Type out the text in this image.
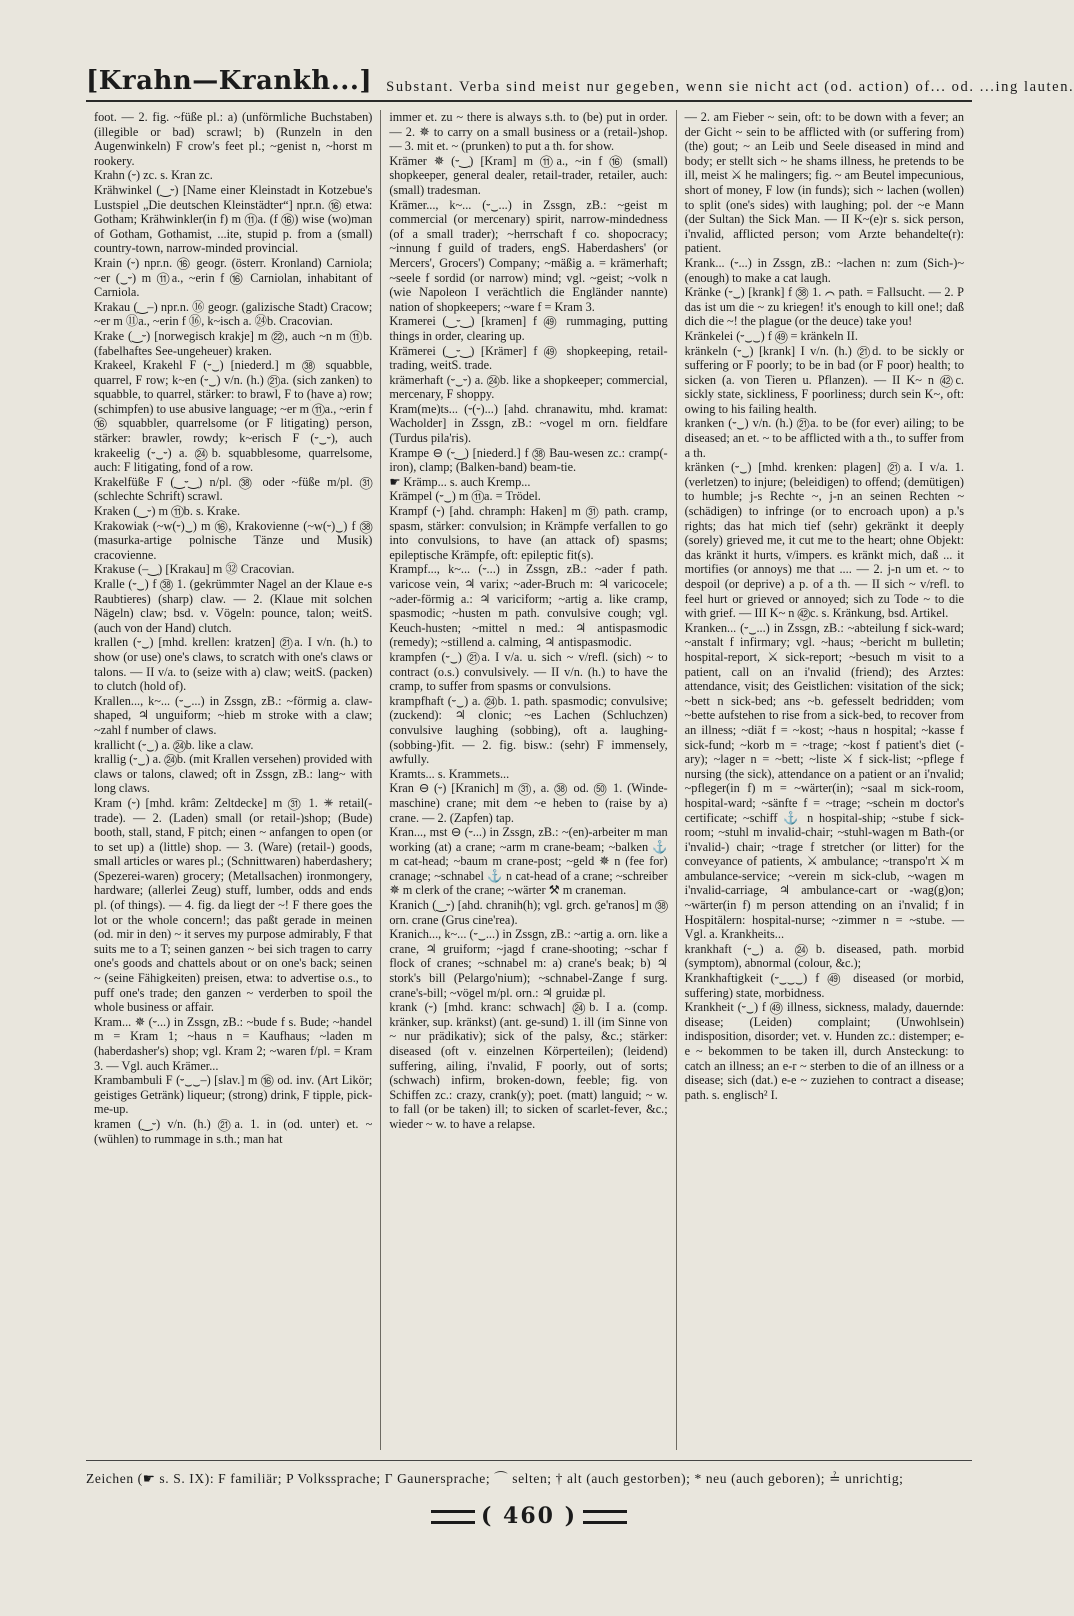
[Krahn—Krankh...] Substant. Verba sind meist nur gegeben, wenn sie nicht act (od. action) of... od. ...ing lauten.

foot. — 2. fig. ~füße pl.: a) (unförmliche Buchstaben) (illegible or bad) scrawl; b) (Runzeln in den Augenwinkeln) F crow's feet pl.; ~genist n, ~horst m rookery.

Krahn (⏑) zc. s. Kran zc.

Krähwinkel (‿⏑) [Name einer Kleinstadt in Kotzebue's Lustspiel „Die deutschen Kleinstädter“] npr.n. ⑯ etwa: Gotham; Krähwinkler(in f) m ⑪a. (f ⑯) wise (wo)man of Gotham, Gothamist, ...ite, stupid p. from a (small) country-town, narrow-minded provincial.

Krain (⏑) npr.n. ⑯ geogr. (österr. Kronland) Carniola; ~er (‿⏑) m ⑪a., ~erin f ⑯ Carniolan, inhabitant of Carniola.

Krakau (‿–) npr.n. ⑯ geogr. (galizische Stadt) Cracow; ~er m ⑪a., ~erin f ⑯, k~isch a. ㉔b. Cracovian.

Krake (‿⏑) [norwegisch krakje] m ㉒, auch ~n m ⑪b. (fabelhaftes See-ungeheuer) kraken.

Krakeel, Krakehl F (⏑‿) [niederd.] m ㊳ squabble, quarrel, F row; k~en (⏑‿) v/n. (h.) ㉑a. (sich zanken) to squabble, to quarrel, stärker: to brawl, F to (have a) row; (schimpfen) to use abusive language; ~er m ⑪a., ~erin f ⑯ squabbler, quarrelsome (or F litigating) person, stärker: brawler, rowdy; k~erisch F (⏑‿⏑), auch krakeelig (⏑‿⏑) a. ㉔b. squabblesome, quarrelsome, auch: F litigating, fond of a row.

Krakelfüße F (‿⏑‿) n/pl. ㊳ oder ~füße m/pl. ㉛ (schlechte Schrift) scrawl.

Kraken (‿⏑) m ⑪b. s. Krake.

Krakowiak (~w(⏑)‿) m ⑯, Krakovienne (~w(⏑)‿) f ㊳ (masurka-artige polnische Tänze und Musik) cracovienne.

Krakuse (–‿) [Krakau] m ㉜ Cracovian.

Kralle (⏑‿) f ㊳ 1. (gekrümmter Nagel an der Klaue e-s Raubtieres) (sharp) claw. — 2. (Klaue mit solchen Nägeln) claw; bsd. v. Vögeln: pounce, talon; weitS. (auch von der Hand) clutch.

krallen (⏑‿) [mhd. krellen: kratzen] ㉑a. I v/n. (h.) to show (or use) one's claws, to scratch with one's claws or talons. — II v/a. to (seize with a) claw; weitS. (packen) to clutch (hold of).

Krallen..., k~... (⏑‿...) in Zssgn, zB.: ~förmig a. claw-shaped, ♃ unguiform; ~hieb m stroke with a claw; ~zahl f number of claws.

krallicht (⏑‿) a. ㉔b. like a claw.

krallig (⏑‿) a. ㉔b. (mit Krallen versehen) provided with claws or talons, clawed; oft in Zssgn, zB.: lang~ with long claws.

Kram (⏑) [mhd. krâm: Zeltdecke] m ㉛ 1. ✵ retail(-trade). — 2. (Laden) small (or retail-)shop; (Bude) booth, stall, stand, F pitch; einen ~ anfangen to open (or to set up) a (little) shop. — 3. (Ware) (retail-) goods, small articles or wares pl.; (Schnittwaren) haberdashery; (Spezerei-waren) grocery; (Metallsachen) ironmongery, hardware; (allerlei Zeug) stuff, lumber, odds and ends pl. (of things). — 4. fig. da liegt der ~! F there goes the lot or the whole concern!; das paßt gerade in meinen (od. mir in den) ~ it serves my purpose admirably, F that suits me to a T; seinen ganzen ~ bei sich tragen to carry one's goods and chattels about or on one's back; seinen ~ (seine Fähigkeiten) preisen, etwa: to advertise o.s., to puff one's trade; den ganzen ~ verderben to spoil the whole business or affair.

Kram... ✵ (⏑...) in Zssgn, zB.: ~bude f s. Bude; ~handel m = Kram 1; ~haus n = Kaufhaus; ~laden m (haberdasher's) shop; vgl. Kram 2; ~waren f/pl. = Kram 3. — Vgl. auch Krämer...

Krambambuli F (⏑‿‿–) [slav.] m ⑯ od. inv. (Art Likör; geistiges Getränk) liqueur; (strong) drink, F tipple, pick-me-up.

kramen (‿⏑) v/n. (h.) ㉑a. 1. in (od. unter) et. ~ (wühlen) to rummage in s.th.; man hat

immer et. zu ~ there is always s.th. to (be) put in order. — 2. ✵ to carry on a small business or a (retail-)shop. — 3. mit et. ~ (prunken) to put a th. for show.

Krämer ✵ (⏑‿) [Kram] m ⑪a., ~in f ⑯ (small) shopkeeper, general dealer, retail-trader, retailer, auch: (small) tradesman.

Krämer..., k~... (⏑‿...) in Zssgn, zB.: ~geist m commercial (or mercenary) spirit, narrow-mindedness (of a small trader); ~herrschaft f co. shopocracy; ~innung f guild of traders, engS. Haberdashers' (or Mercers', Grocers') Company; ~mäßig a. = krämerhaft; ~seele f sordid (or narrow) mind; vgl. ~geist; ~volk n (wie Napoleon I verächtlich die Engländer nannte) nation of shopkeepers; ~ware f = Kram 3.

Kramerei (‿⏑‿) [kramen] f ㊾ rummaging, putting things in order, clearing up.

Krämerei (‿⏑‿) [Krämer] f ㊾ shopkeeping, retail-trading, weitS. trade.

krämerhaft (⏑‿⏑) a. ㉔b. like a shopkeeper; commercial, mercenary, F shoppy.

Kram(me)ts... (⏑(⏑)...) [ahd. chranawitu, mhd. kramat: Wacholder] in Zssgn, zB.: ~vogel m orn. fieldfare (Turdus pila'ris).

Krampe ⊖ (⏑‿) [niederd.] f ㊳ Bau-wesen zc.: cramp(-iron), clamp; (Balken-band) beam-tie.

☛ Krämp... s. auch Kremp...

Krämpel (⏑‿) m ⑪a. = Trödel.

Krampf (⏑) [ahd. chramph: Haken] m ㉛ path. cramp, spasm, stärker: convulsion; in Krämpfe verfallen to go into convulsions, to have (an attack of) spasms; epileptische Krämpfe, oft: epileptic fit(s).

Krampf..., k~... (⏑...) in Zssgn, zB.: ~ader f path. varicose vein, ♃ varix; ~ader-Bruch m: ♃ varicocele; ~ader-förmig a.: ♃ variciform; ~artig a. like cramp, spasmodic; ~husten m path. convulsive cough; vgl. Keuch-husten; ~mittel n med.: ♃ antispasmodic (remedy); ~stillend a. calming, ♃ antispasmodic.

krampfen (⏑‿) ㉑a. I v/a. u. sich ~ v/refl. (sich) ~ to contract (o.s.) convulsively. — II v/n. (h.) to have the cramp, to suffer from spasms or convulsions.

krampfhaft (⏑‿) a. ㉔b. 1. path. spasmodic; convulsive; (zuckend): ♃ clonic; ~es Lachen (Schluchzen) convulsive laughing (sobbing), oft a. laughing- (sobbing-)fit. — 2. fig. bisw.: (sehr) F immensely, awfully.

Kramts... s. Krammets...

Kran ⊖ (⏑) [Kranich] m ㉛, a. ㊳ od. ㊿ 1. (Winde-maschine) crane; mit dem ~e heben to (raise by a) crane. — 2. (Zapfen) tap.

Kran..., mst ⊖ (⏑...) in Zssgn, zB.: ~(en)-arbeiter m man working (at) a crane; ~arm m crane-beam; ~balken ⚓ m cat-head; ~baum m crane-post; ~geld ✵ n (fee for) cranage; ~schnabel ⚓ n cat-head of a crane; ~schreiber ✵ m clerk of the crane; ~wärter ⚒ m craneman.

Kranich (‿⏑) [ahd. chranih(h); vgl. grch. ge'ranos] m ㊳ orn. crane (Grus cine'rea).

Kranich..., k~... (⏑‿...) in Zssgn, zB.: ~artig a. orn. like a crane, ♃ gruiform; ~jagd f crane-shooting; ~schar f flock of cranes; ~schnabel m: a) crane's beak; b) ♃ stork's bill (Pelargo'nium); ~schnabel-Zange f surg. crane's-bill; ~vögel m/pl. orn.: ♃ gruidæ pl.

krank (⏑) [mhd. kranc: schwach] ㉔b. I a. (comp. kränker, sup. kränkst) (ant. ge-sund) 1. ill (im Sinne von ~ nur prädikativ); sick of the palsy, &c.; stärker: diseased (oft v. einzelnen Körperteilen); (leidend) suffering, ailing, i'nvalid, F poorly, out of sorts; (schwach) infirm, broken-down, feeble; fig. von Schiffen zc.: crazy, crank(y); poet. (matt) languid; ~ w. to fall (or be taken) ill; to sicken of scarlet-fever, &c.; wieder ~ w. to have a relapse.

— 2. am Fieber ~ sein, oft: to be down with a fever; an der Gicht ~ sein to be afflicted with (or suffering from)(the) gout; ~ an Leib und Seele diseased in mind and body; er stellt sich ~ he shams illness, he pretends to be ill, meist ⚔ he malingers; fig. ~ am Beutel impecunious, short of money, F low (in funds); sich ~ lachen (wollen) to split (one's sides) with laughing; pol. der ~e Mann (der Sultan) the Sick Man. — II K~(e)r s. sick person, i'nvalid, afflicted person; vom Arzte behandelte(r): patient.

Krank... (⏑...) in Zssgn, zB.: ~lachen n: zum (Sich-)~ (enough) to make a cat laugh.

Kränke (⏑‿) [krank] f ㊳ 1. ⌒ path. = Fallsucht. — 2. P das ist um die ~ zu kriegen! it's enough to kill one!; daß dich die ~! the plague (or the deuce) take you!

Kränkelei (⏑‿‿) f ㊾ = kränkeln II.

kränkeln (⏑‿) [krank] I v/n. (h.) ㉑d. to be sickly or suffering or F poorly; to be in bad (or F poor) health; to sicken (a. von Tieren u. Pflanzen). — II K~ n ㊷c. sickly state, sickliness, F poorliness; durch sein K~, oft: owing to his failing health.

kranken (⏑‿) v/n. (h.) ㉑a. to be (for ever) ailing; to be diseased; an et. ~ to be afflicted with a th., to suffer from a th.

kränken (⏑‿) [mhd. krenken: plagen] ㉑a. I v/a. 1. (verletzen) to injure; (beleidigen) to offend; (demütigen) to humble; j-s Rechte ~, j-n an seinen Rechten ~ (schädigen) to infringe (or to encroach upon) a p.'s rights; das hat mich tief (sehr) gekränkt it deeply (sorely) grieved me, it cut me to the heart; ohne Objekt: das kränkt it hurts, v/impers. es kränkt mich, daß ... it mortifies (or annoys) me that .... — 2. j-n um et. ~ to despoil (or deprive) a p. of a th. — II sich ~ v/refl. to feel hurt or grieved or annoyed; sich zu Tode ~ to die with grief. — III K~ n ㊷c. s. Kränkung, bsd. Artikel.

Kranken... (⏑‿...) in Zssgn, zB.: ~abteilung f sick-ward; ~anstalt f infirmary; vgl. ~haus; ~bericht m bulletin; hospital-report, ⚔ sick-report; ~besuch m visit to a patient, call on an i'nvalid (friend); des Arztes: attendance, visit; des Geistlichen: visitation of the sick; ~bett n sick-bed; ans ~b. gefesselt bedridden; vom ~bette aufstehen to rise from a sick-bed, to recover from an illness; ~diät f = ~kost; ~haus n hospital; ~kasse f sick-fund; ~korb m = ~trage; ~kost f patient's diet (-ary); ~lager n = ~bett; ~liste ⚔ f sick-list; ~pflege f nursing (the sick), attendance on a patient or an i'nvalid; ~pfleger(in f) m = ~wärter(in); ~saal m sick-room, hospital-ward; ~sänfte f = ~trage; ~schein m doctor's certificate; ~schiff ⚓ n hospital-ship; ~stube f sick-room; ~stuhl m invalid-chair; ~stuhl-wagen m Bath-(or i'nvalid-) chair; ~trage f stretcher (or litter) for the conveyance of patients, ⚔ ambulance; ~transpo'rt ⚔ m ambulance-service; ~verein m sick-club, ~wagen m i'nvalid-carriage, ♃ ambulance-cart or -wag(g)on; ~wärter(in f) m person attending on an i'nvalid; f in Hospitälern: hospital-nurse; ~zimmer n = ~stube. — Vgl. a. Krankheits...

krankhaft (⏑‿) a. ㉔b. diseased, path. morbid (symptom), abnormal (colour, &c.);

Krankhaftigkeit (⏑‿‿‿) f ㊾ diseased (or morbid, suffering) state, morbidness.

Krankheit (⏑‿) f ㊾ illness, sickness, malady, dauernde: disease; (Leiden) complaint; (Unwohlsein) indisposition, disorder; vet. v. Hunden zc.: distemper; e-e ~ bekommen to be taken ill, durch Ansteckung: to catch an illness; an e-r ~ sterben to die of an illness or a disease; sich (dat.) e-e ~ zuziehen to contract a disease; path. s. englisch² I.

Zeichen (☛ s. S. IX): F familiär; P Volkssprache; Г Gaunersprache; ⌒ selten; † alt (auch gestorben); * neu (auch geboren); ≟ unrichtig;
( 460 )
